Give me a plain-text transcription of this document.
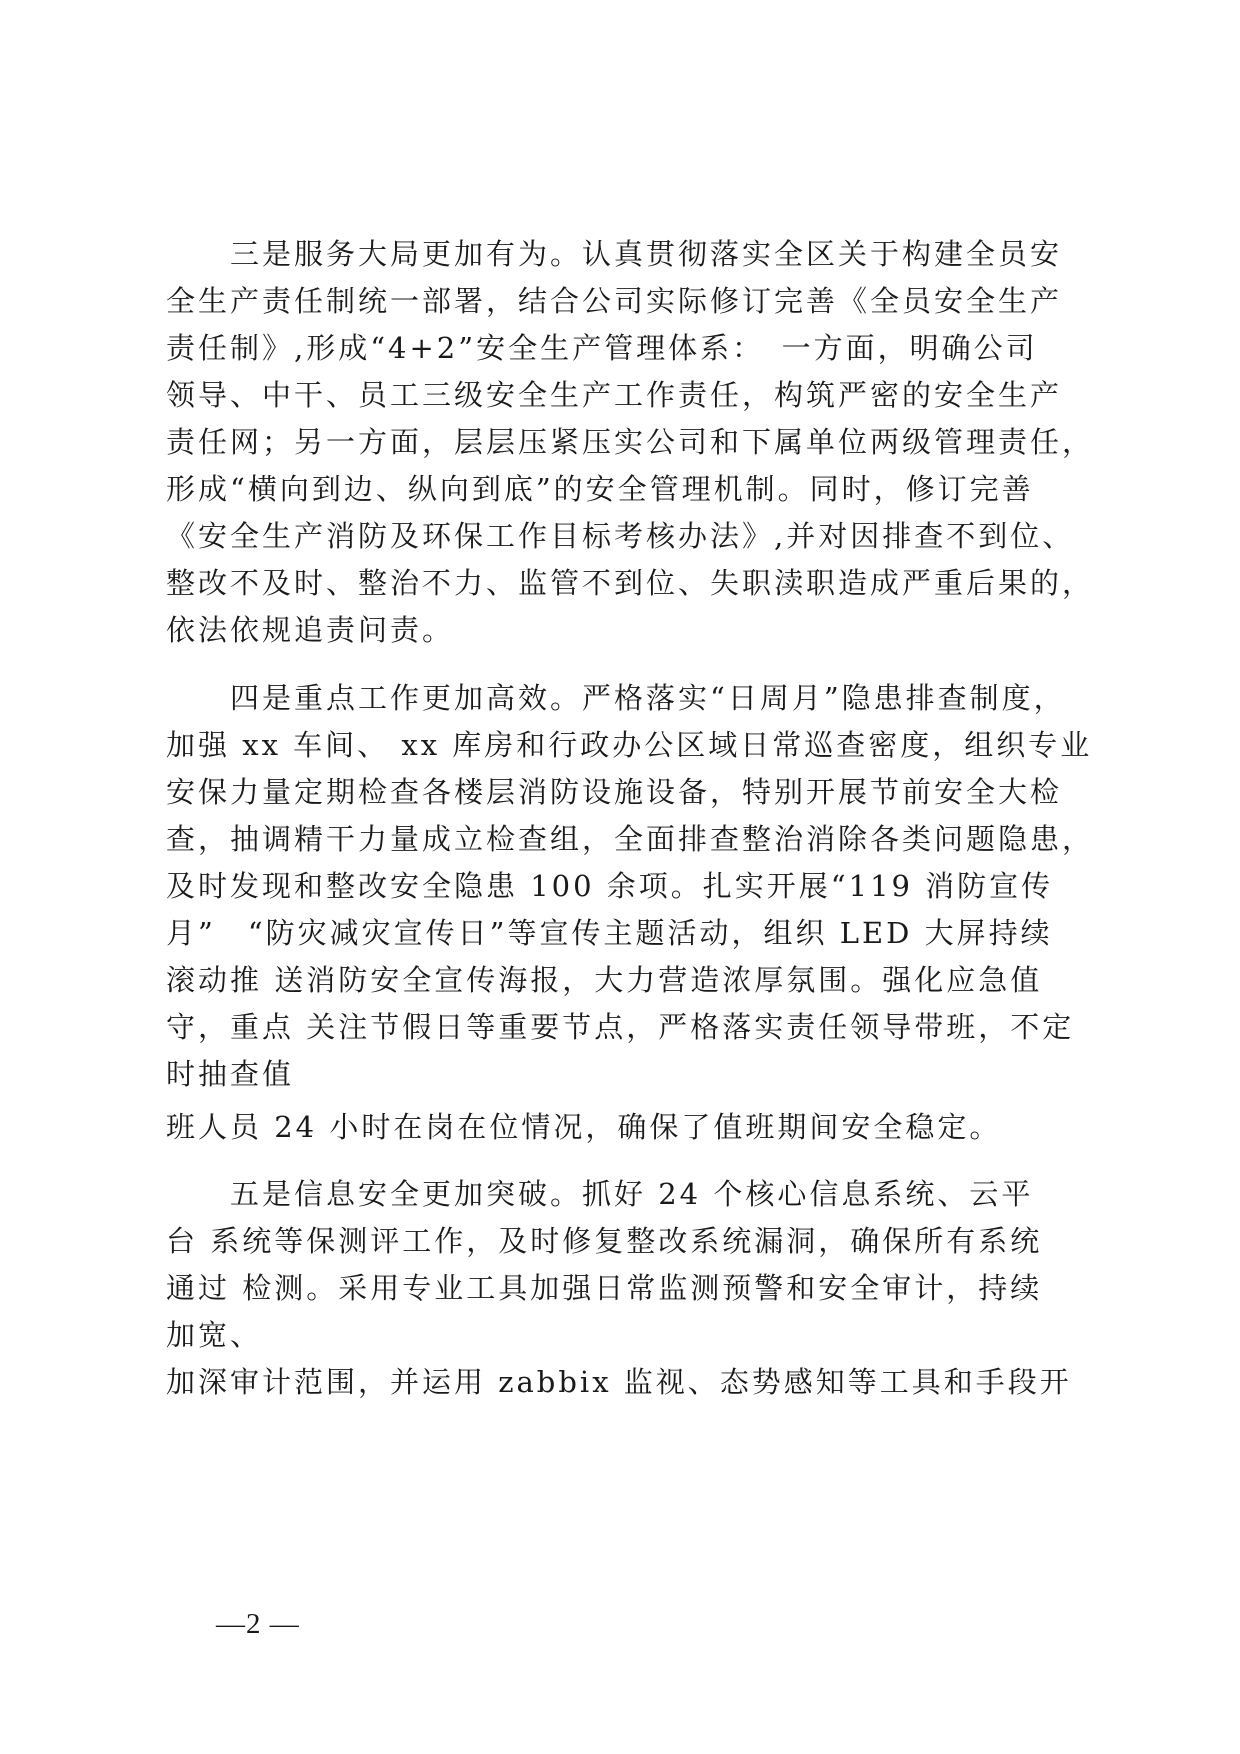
　　三是服务大局更加有为。认真贯彻落实全区关于构建全员安
全生产责任制统一部署，结合公司实际修订完善《全员安全生产
责任制》,形成“4+2”安全生产管理体系：　一方面，明确公司
领导、中干、员工三级安全生产工作责任，构筑严密的安全生产
责任网；另一方面，层层压紧压实公司和下属单位两级管理责任，
形成“横向到边、纵向到底”的安全管理机制。同时，修订完善
《安全生产消防及环保工作目标考核办法》,并对因排查不到位、
整改不及时、整治不力、监管不到位、失职渎职造成严重后果的，
依法依规追责问责。
　　四是重点工作更加高效。严格落实“日周月”隐患排查制度，
加强 xx 车间、 xx 库房和行政办公区域日常巡查密度，组织专业
安保力量定期检查各楼层消防设施设备，特别开展节前安全大检
查，抽调精干力量成立检查组，全面排查整治消除各类问题隐患，
及时发现和整改安全隐患 100 余项。扎实开展“119 消防宣传
月”　“防灾减灾宣传日”等宣传主题活动，组织 LED 大屏持续
滚动推 送消防安全宣传海报，大力营造浓厚氛围。强化应急值
守，重点 关注节假日等重要节点，严格落实责任领导带班，不定
时抽查值
班人员 24 小时在岗在位情况，确保了值班期间安全稳定。
　　五是信息安全更加突破。抓好 24 个核心信息系统、云平
台 系统等保测评工作，及时修复整改系统漏洞，确保所有系统
通过 检测。采用专业工具加强日常监测预警和安全审计，持续
加宽、
加深审计范围，并运用 zabbix 监视、态势感知等工具和手段开
—2 —
